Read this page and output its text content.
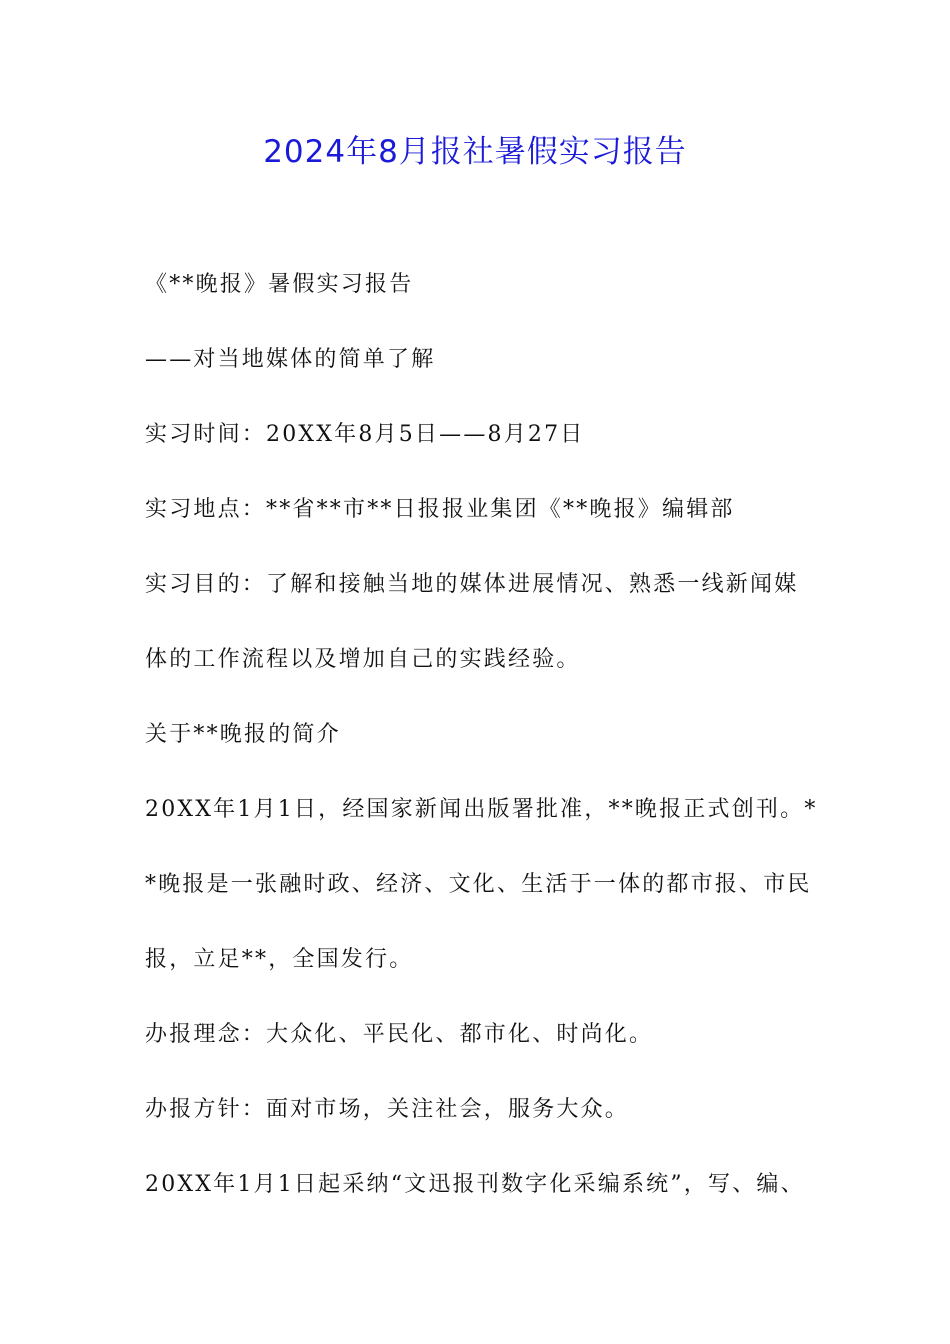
2024年8月报社暑假实习报告
《**晚报》暑假实习报告
——对当地媒体的简单了解
实习时间：20XX年8月5日——8月27日
实习地点：**省**市**日报报业集团《**晚报》编辑部
实习目的：了解和接触当地的媒体进展情况、熟悉一线新闻媒
体的工作流程以及增加自己的实践经验。
关于**晚报的简介
20XX年1月1日，经国家新闻出版署批准，**晚报正式创刊。*
*晚报是一张融时政、经济、文化、生活于一体的都市报、市民
报，立足**，全国发行。
办报理念：大众化、平民化、都市化、时尚化。
办报方针：面对市场，关注社会，服务大众。
20XX年1月1日起采纳“文迅报刊数字化采编系统”，写、编、
